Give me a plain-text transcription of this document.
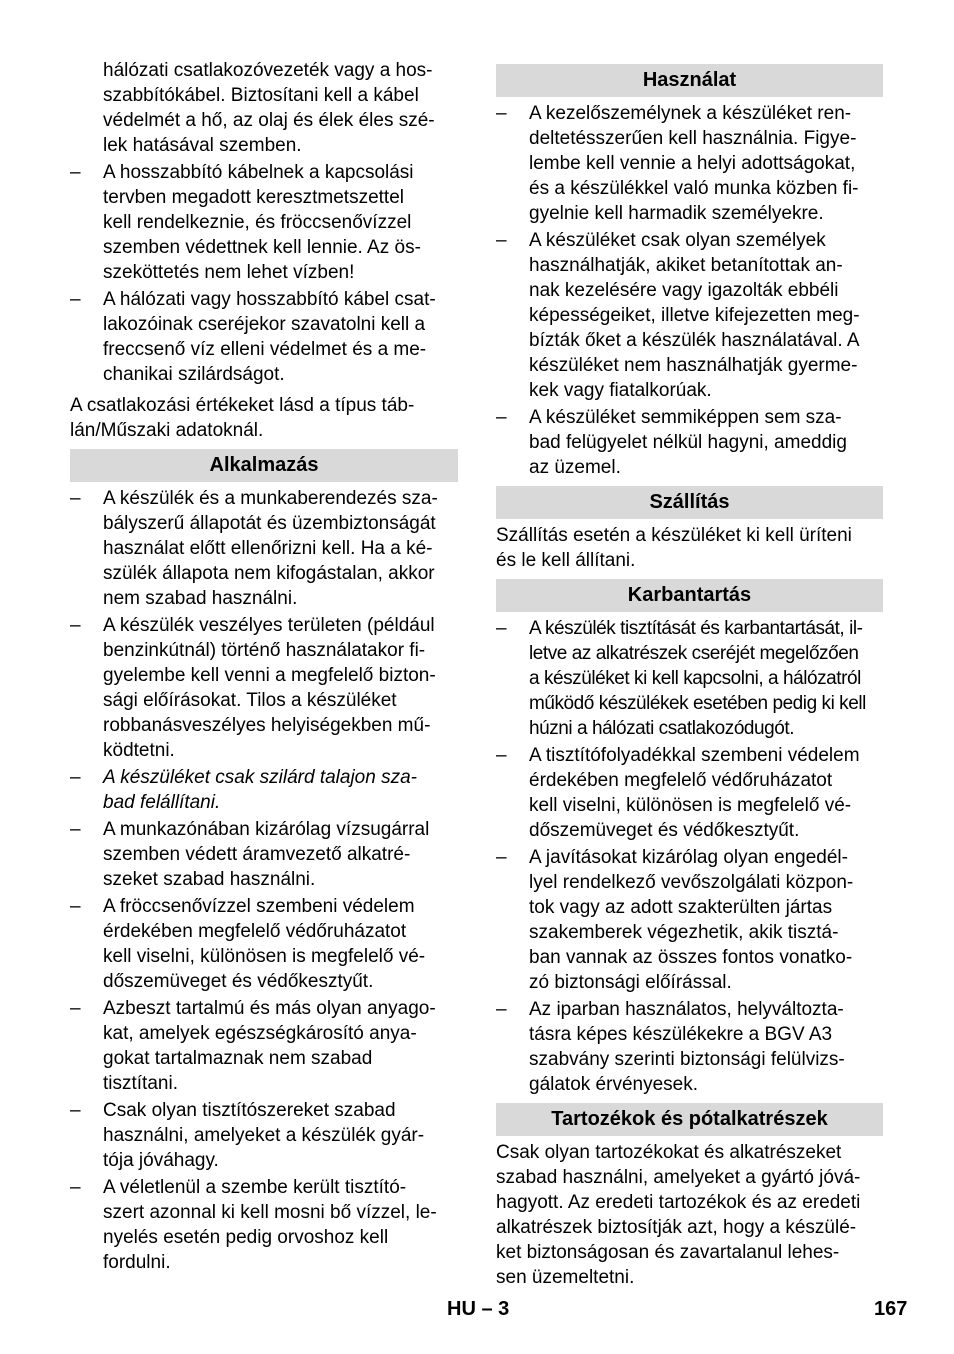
hálózati csatlakozóvezeték vagy a hos-
szabbítókábel. Biztosítani kell a kábel
védelmét a hő, az olaj és élek éles szé-
lek hatásával szemben.
– A hosszabbító kábelnek a kapcsolási
tervben megadott keresztmetszettel
kell rendelkeznie, és fröccsenővízzel
szemben védettnek kell lennie. Az ös-
szeköttetés nem lehet vízben!
– A hálózati vagy hosszabbító kábel csat-
lakozóinak cseréjekor szavatolni kell a
freccsenő víz elleni védelmet és a me-
chanikai szilárdságot.
A csatlakozási értékeket lásd a típus táb-
lán/Műszaki adatoknál.
Alkalmazás
– A készülék és a munkaberendezés sza-
bályszerű állapotát és üzembiztonságát
használat előtt ellenőrizni kell. Ha a ké-
szülék állapota nem kifogástalan, akkor
nem szabad használni.
– A készülék veszélyes területen (például
benzinkútnál) történő használatakor fi-
gyelembe kell venni a megfelelő bizton-
sági előírásokat. Tilos a készüléket
robbanásveszélyes helyiségekben mű-
ködtetni.
– A készüléket csak szilárd talajon sza-
bad felállítani.
– A munkazónában kizárólag vízsugárral
szemben védett áramvezető alkatré-
szeket szabad használni.
– A fröccsenővízzel szembeni védelem
érdekében megfelelő védőruházatot
kell viselni, különösen is megfelelő vé-
dőszemüveget és védőkesztyűt.
– Azbeszt tartalmú és más olyan anyago-
kat, amelyek egészségkárosító anya-
gokat tartalmaznak nem szabad
tisztítani.
– Csak olyan tisztítószereket szabad
használni, amelyeket a készülék gyár-
tója jóváhagy.
– A véletlenül a szembe került tisztító-
szert azonnal ki kell mosni bő vízzel, le-
nyelés esetén pedig orvoshoz kell
fordulni.
Használat
– A kezelőszemélynek a készüléket ren-
deltetésszerűen kell használnia. Figye-
lembe kell vennie a helyi adottságokat,
és a készülékkel való munka közben fi-
gyelnie kell harmadik személyekre.
– A készüléket csak olyan személyek
használhatják, akiket betanítottak an-
nak kezelésére vagy igazolták ebbéli
képességeiket, illetve kifejezetten meg-
bízták őket a készülék használatával. A
készüléket nem használhatják gyerme-
kek vagy fiatalkorúak.
– A készüléket semmiképpen sem sza-
bad felügyelet nélkül hagyni, ameddig
az üzemel.
Szállítás
Szállítás esetén a készüléket ki kell üríteni
és le kell állítani.
Karbantartás
– A készülék tisztítását és karbantartását, il-
letve az alkatrészek cseréjét megelőzően
a készüléket ki kell kapcsolni, a hálózatról
működő készülékek esetében pedig ki kell
húzni a hálózati csatlakozódugót.
– A tisztítófolyadékkal szembeni védelem
érdekében megfelelő védőruházatot
kell viselni, különösen is megfelelő vé-
dőszemüveget és védőkesztyűt.
– A javításokat kizárólag olyan engedél-
lyel rendelkező vevőszolgálati közpon-
tok vagy az adott szakterülten jártas
szakemberek végezhetik, akik tisztá-
ban vannak az összes fontos vonatko-
zó biztonsági előírással.
– Az iparban használatos, helyváltozta-
tásra képes készülékekre a BGV A3
szabvány szerinti biztonsági felülvizs-
gálatok érvényesek.
Tartozékok és pótalkatrészek
Csak olyan tartozékokat és alkatrészeket
szabad használni, amelyeket a gyártó jóvá-
hagyott. Az eredeti tartozékok és az eredeti
alkatrészek biztosítják azt, hogy a készülé-
ket biztonságosan és zavartalanul lehes-
sen üzemeltetni.
HU – 3	167
